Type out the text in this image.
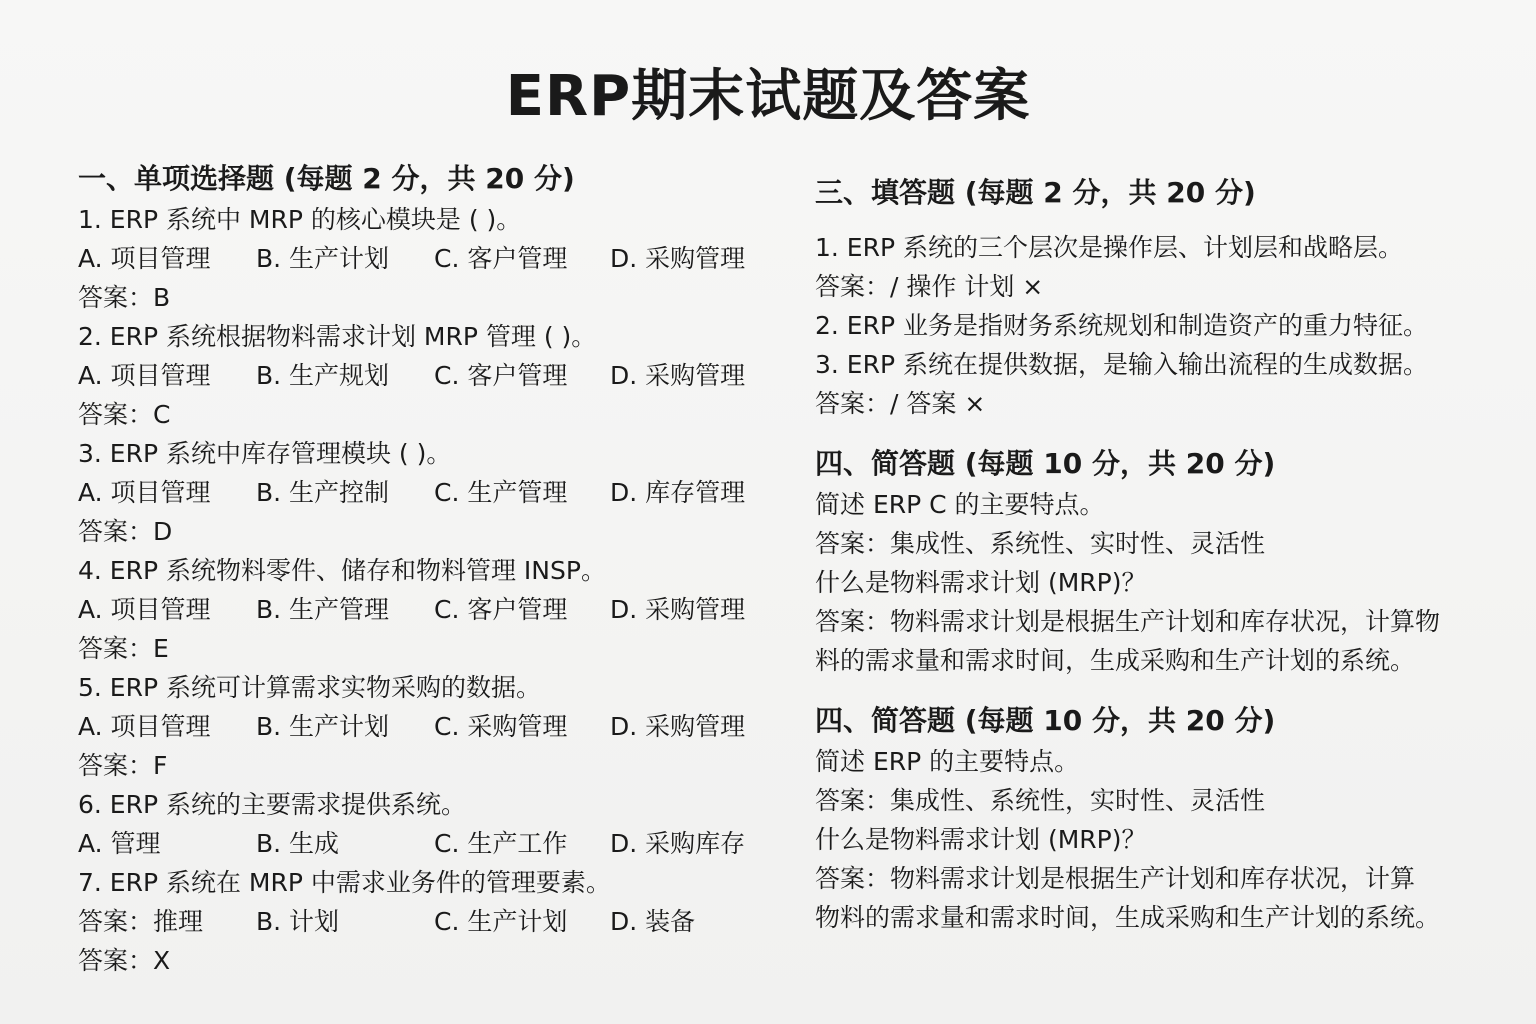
ERP期末试题及答案
一、单项选择题 (每题 2 分，共 20 分)
1. ERP 系统中 MRP 的核心模块是 ( )。
A. 项目管理	B. 生产计划	C. 客户管理	D. 采购管理
答案：B
2. ERP 系统根据物料需求计划 MRP 管理 ( )。
A. 项目管理	B. 生产规划	C. 客户管理	D. 采购管理
答案：C
3. ERP 系统中库存管理模块 ( )。
A. 项目管理	B. 生产控制	C. 生产管理	D. 库存管理
答案：D
4. ERP 系统物料零件、储存和物料管理 INSP。
A. 项目管理	B. 生产管理	C. 客户管理	D. 采购管理
答案：E
5. ERP 系统可计算需求实物采购的数据。
A. 项目管理	B. 生产计划	C. 采购管理	D. 采购管理
答案：F
6. ERP 系统的主要需求提供系统。
A. 管理	B. 生成	C. 生产工作	D. 采购库存
7. ERP 系统在 MRP 中需求业务件的管理要素。
答案：推理	B. 计划	C. 生产计划	D. 装备
答案：X
三、填答题 (每题 2 分，共 20 分)
1. ERP 系统的三个层次是操作层、计划层和战略层。
答案：/ 操作 计划 ×
2. ERP 业务是指财务系统规划和制造资产的重力特征。
3. ERP 系统在提供数据，是输入输出流程的生成数据。
答案：/ 答案 ×
四、简答题 (每题 10 分，共 20 分)
简述 ERP C 的主要特点。
答案：集成性、系统性、实时性、灵活性
什么是物料需求计划 (MRP)？
答案：物料需求计划是根据生产计划和库存状况，计算物
料的需求量和需求时间，生成采购和生产计划的系统。
四、简答题 (每题 10 分，共 20 分)
简述 ERP 的主要特点。
答案：集成性、系统性，实时性、灵活性
什么是物料需求计划 (MRP)？
答案：物料需求计划是根据生产计划和库存状况，计算
物料的需求量和需求时间，生成采购和生产计划的系统。
